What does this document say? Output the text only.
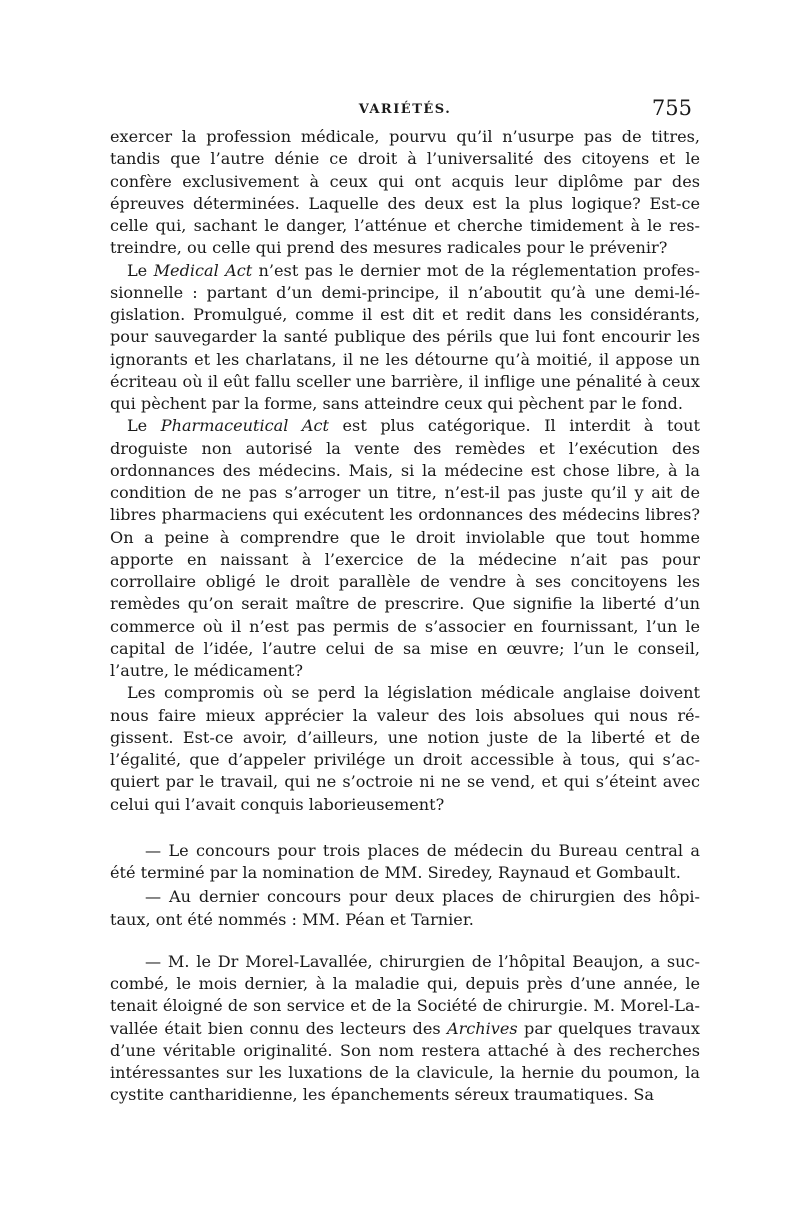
VARIÉTÉS.	755

exercer la profession médicale, pourvu qu’il n’usurpe pas de titres, tandis que l’autre dénie ce droit à l’universalité des citoyens et le confère exclusivement à ceux qui ont acquis leur diplôme par des épreuves déterminées. Laquelle des deux est la plus logique? Est-ce celle qui, sachant le danger, l’atténue et cherche timidement à le restreindre, ou celle qui prend des mesures radicales pour le prévenir?

Le Medical Act n’est pas le dernier mot de la réglementation professionnelle : partant d’un demi-principe, il n’aboutit qu’à une demi-législation. Promulgué, comme il est dit et redit dans les considérants, pour sauvegarder la santé publique des périls que lui font encourir les ignorants et les charlatans, il ne les détourne qu’à moitié, il appose un écriteau où il eût fallu sceller une barrière, il inflige une pénalité à ceux qui pèchent par la forme, sans atteindre ceux qui pèchent par le fond.

Le Pharmaceutical Act est plus catégorique. Il interdit à tout droguiste non autorisé la vente des remèdes et l’exécution des ordonnances des médecins. Mais, si la médecine est chose libre, à la condition de ne pas s’arroger un titre, n’est-il pas juste qu’il y ait de libres pharmaciens qui exécutent les ordonnances des médecins libres? On a peine à comprendre que le droit inviolable que tout homme apporte en naissant à l’exercice de la médecine n’ait pas pour corrollaire obligé le droit parallèle de vendre à ses concitoyens les remèdes qu’on serait maître de prescrire. Que signifie la liberté d’un commerce où il n’est pas permis de s’associer en fournissant, l’un le capital de l’idée, l’autre celui de sa mise en œuvre; l’un le conseil, l’autre, le médicament?

Les compromis où se perd la législation médicale anglaise doivent nous faire mieux apprécier la valeur des lois absolues qui nous régissent. Est-ce avoir, d’ailleurs, une notion juste de la liberté et de l’égalité, que d’appeler privilége un droit accessible à tous, qui s’acquiert par le travail, qui ne s’octroie ni ne se vend, et qui s’éteint avec celui qui l’avait conquis laborieusement?

— Le concours pour trois places de médecin du Bureau central a été terminé par la nomination de MM. Siredey, Raynaud et Gombault.

— Au dernier concours pour deux places de chirurgien des hôpitaux, ont été nommés : MM. Péan et Tarnier.

— M. le Dr Morel-Lavallée, chirurgien de l’hôpital Beaujon, a succombé, le mois dernier, à la maladie qui, depuis près d’une année, le tenait éloigné de son service et de la Société de chirurgie. M. Morel-Lavallée était bien connu des lecteurs des Archives par quelques travaux d’une véritable originalité. Son nom restera attaché à des recherches intéressantes sur les luxations de la clavicule, la hernie du poumon, la cystite cantharidienne, les épanchements séreux traumatiques. Sa
